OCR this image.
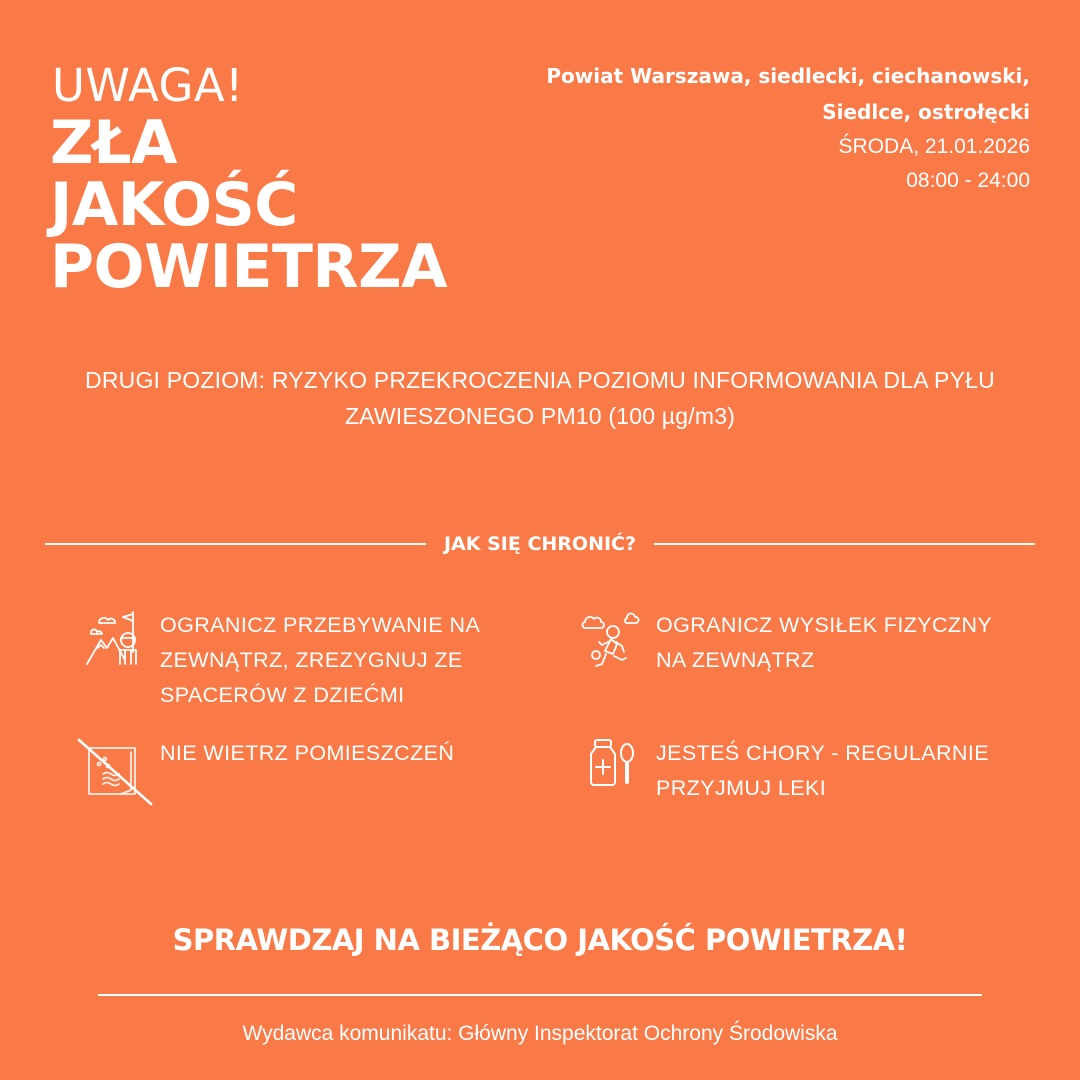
UWAGA!
ZŁA
JAKOŚĆ
POWIETRZA
Powiat Warszawa, siedlecki, ciechanowski,
Siedlce, ostrołęcki
ŚRODA, 21.01.2026
08:00 - 24:00
DRUGI POZIOM: RYZYKO PRZEKROCZENIA POZIOMU INFORMOWANIA DLA PYŁU ZAWIESZONEGO PM10 (100 µg/m3)
JAK SIĘ CHRONIĆ?
OGRANICZ PRZEBYWANIE NA
ZEWNĄTRZ, ZREZYGNUJ ZE
SPACERÓW Z DZIEĆMI
OGRANICZ WYSIŁEK FIZYCZNY
NA ZEWNĄTRZ
NIE WIETRZ POMIESZCZEŃ	JESTEŚ CHORY - REGULARNIE
PRZYJMUJ LEKI
SPRAWDZAJ NA BIEŻĄCO JAKOŚĆ POWIETRZA!
Wydawca komunikatu: Główny Inspektorat Ochrony Środowiska
